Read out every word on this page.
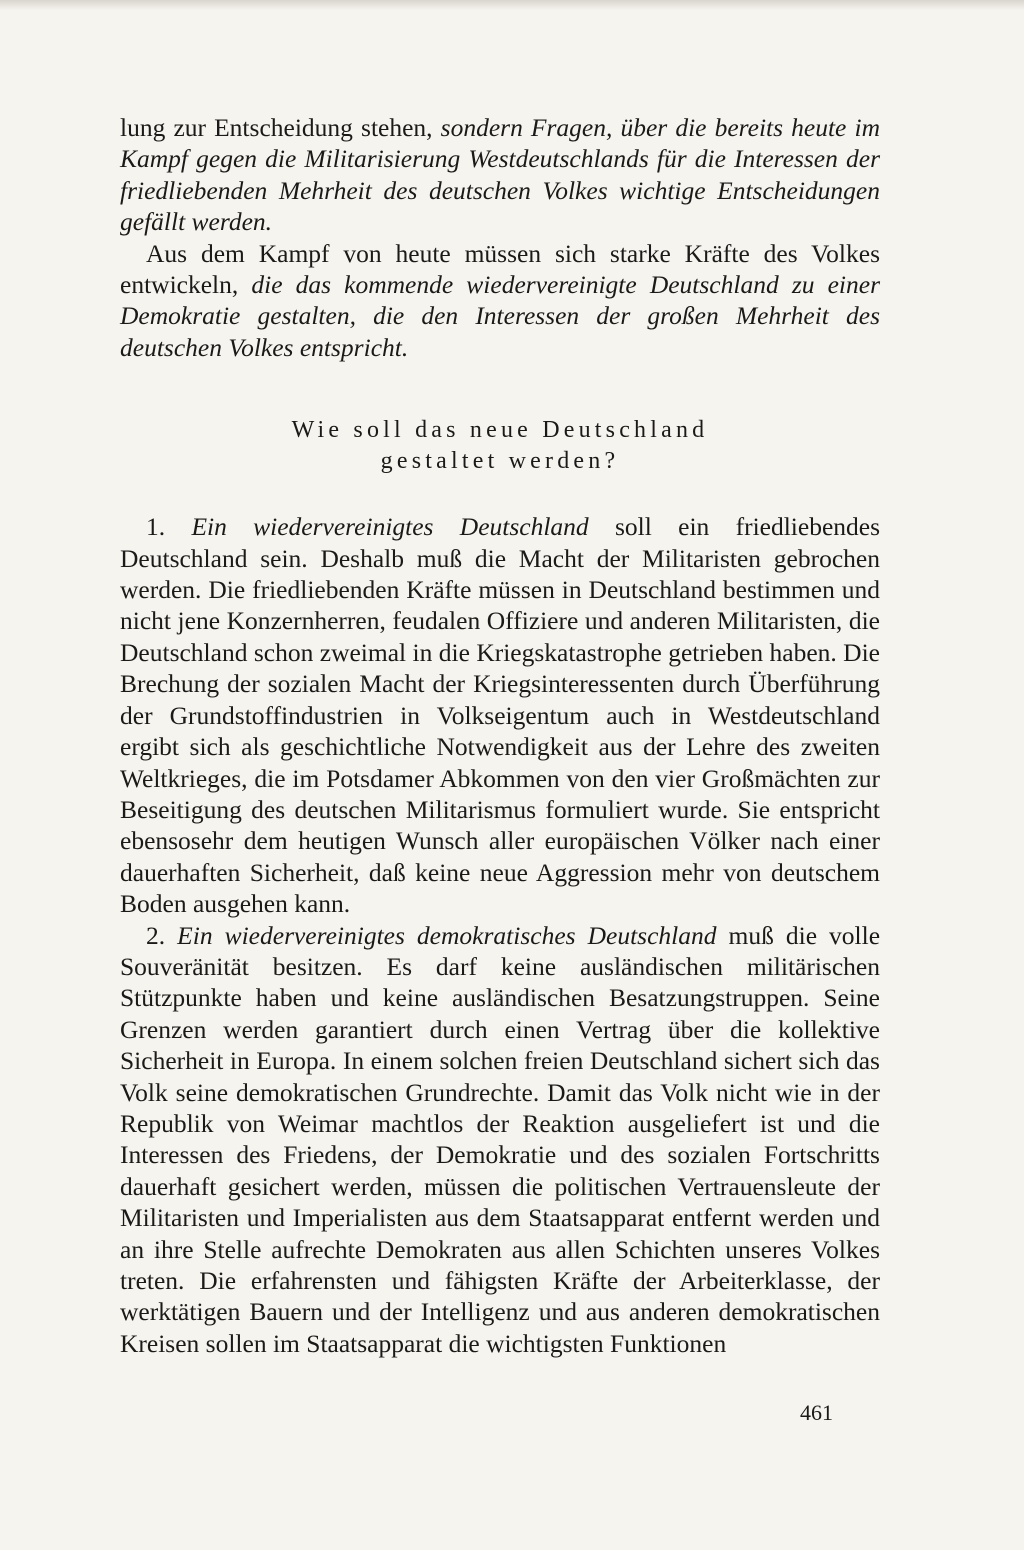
lung zur Entscheidung stehen, sondern Fragen, über die bereits heute im Kampf gegen die Militarisierung Westdeutschlands für die Interessen der friedliebenden Mehrheit des deutschen Volkes wichtige Entscheidungen gefällt werden.

Aus dem Kampf von heute müssen sich starke Kräfte des Volkes entwickeln, die das kommende wiedervereinigte Deutschland zu einer Demokratie gestalten, die den Interessen der großen Mehrheit des deutschen Volkes entspricht.

Wie soll das neue Deutschland
gestaltet werden?

1. Ein wiedervereinigtes Deutschland soll ein friedliebendes Deutschland sein. Deshalb muß die Macht der Militaristen gebrochen werden. Die friedliebenden Kräfte müssen in Deutschland bestimmen und nicht jene Konzernherren, feudalen Offiziere und anderen Militaristen, die Deutschland schon zweimal in die Kriegskatastrophe getrieben haben. Die Brechung der sozialen Macht der Kriegsinteressenten durch Überführung der Grundstoffindustrien in Volkseigentum auch in Westdeutschland ergibt sich als geschichtliche Notwendigkeit aus der Lehre des zweiten Weltkrieges, die im Potsdamer Abkommen von den vier Großmächten zur Beseitigung des deutschen Militarismus formuliert wurde. Sie entspricht ebensosehr dem heutigen Wunsch aller europäischen Völker nach einer dauerhaften Sicherheit, daß keine neue Aggression mehr von deutschem Boden ausgehen kann.

2. Ein wiedervereinigtes demokratisches Deutschland muß die volle Souveränität besitzen. Es darf keine ausländischen militärischen Stützpunkte haben und keine ausländischen Besatzungstruppen. Seine Grenzen werden garantiert durch einen Vertrag über die kollektive Sicherheit in Europa. In einem solchen freien Deutschland sichert sich das Volk seine demokratischen Grundrechte. Damit das Volk nicht wie in der Republik von Weimar machtlos der Reaktion ausgeliefert ist und die Interessen des Friedens, der Demokratie und des sozialen Fortschritts dauerhaft gesichert werden, müssen die politischen Vertrauensleute der Militaristen und Imperialisten aus dem Staatsapparat entfernt werden und an ihre Stelle aufrechte Demokraten aus allen Schichten unseres Volkes treten. Die erfahrensten und fähigsten Kräfte der Arbeiterklasse, der werktätigen Bauern und der Intelligenz und aus anderen demokratischen Kreisen sollen im Staatsapparat die wichtigsten Funktionen

461
